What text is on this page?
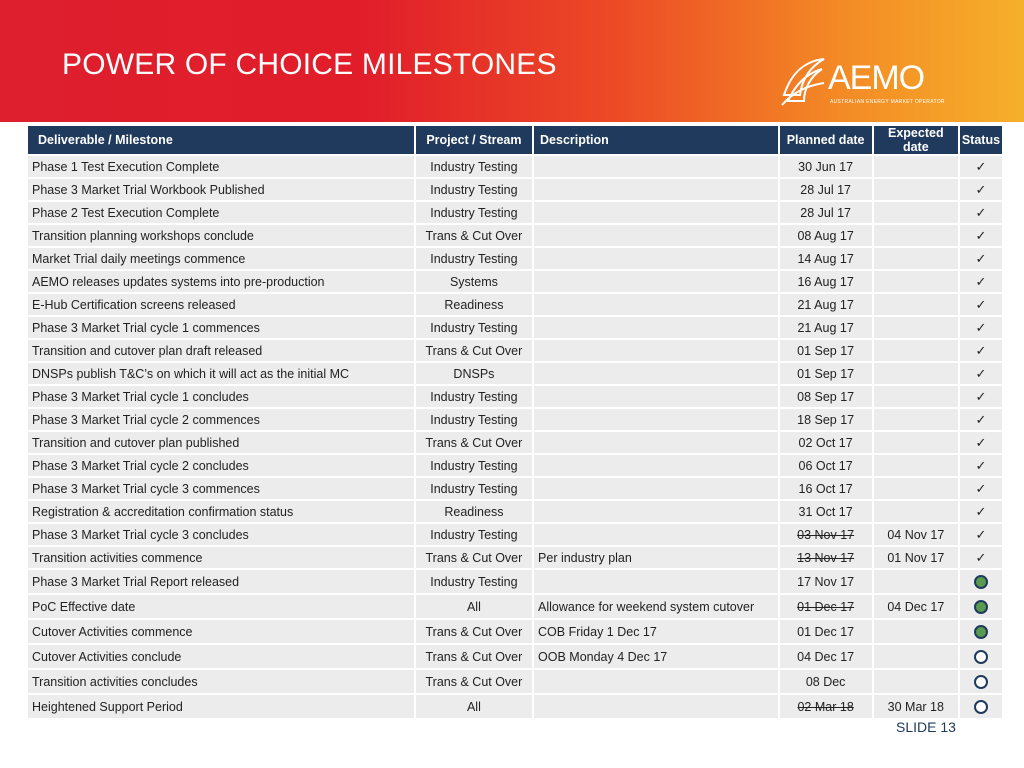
POWER OF CHOICE MILESTONES	AEMO
AUSTRALIAN ENERGY MARKET OPERATOR
Deliverable / Milestone	Project / Stream	Description	Planned date	Expected date	Status
Phase 1 Test Execution Complete	Industry Testing		30 Jun 17		✓
Phase 3 Market Trial Workbook Published	Industry Testing		28 Jul 17		✓
Phase 2 Test Execution Complete	Industry Testing		28 Jul 17		✓
Transition planning workshops conclude	Trans & Cut Over		08 Aug 17		✓
Market Trial daily meetings commence	Industry Testing		14 Aug 17		✓
AEMO releases updates systems into pre-production	Systems		16 Aug 17		✓
E-Hub Certification screens released	Readiness		21 Aug 17		✓
Phase 3 Market Trial cycle 1 commences	Industry Testing		21 Aug 17		✓
Transition and cutover plan draft released	Trans & Cut Over		01 Sep 17		✓
DNSPs publish T&C’s on which it will act as the initial MC	DNSPs		01 Sep 17		✓
Phase 3 Market Trial cycle 1 concludes	Industry Testing		08 Sep 17		✓
Phase 3 Market Trial cycle 2 commences	Industry Testing		18 Sep 17		✓
Transition and cutover plan published	Trans & Cut Over		02 Oct 17		✓
Phase 3 Market Trial cycle 2 concludes	Industry Testing		06 Oct 17		✓
Phase 3 Market Trial cycle 3 commences	Industry Testing		16 Oct 17		✓
Registration & accreditation confirmation status	Readiness		31 Oct 17		✓
Phase 3 Market Trial cycle 3 concludes	Industry Testing		03 Nov 17	04 Nov 17	✓
Transition activities commence	Trans & Cut Over	Per industry plan	13 Nov 17	01 Nov 17	✓
Phase 3 Market Trial Report released	Industry Testing		17 Nov 17		
PoC Effective date	All	Allowance for weekend system cutover	01 Dec 17	04 Dec 17	
Cutover Activities commence	Trans & Cut Over	COB Friday 1 Dec 17	01 Dec 17		
Cutover Activities conclude	Trans & Cut Over	OOB Monday 4 Dec 17	04 Dec 17		
Transition activities concludes	Trans & Cut Over		08 Dec		
Heightened Support Period	All		02 Mar 18	30 Mar 18	
SLIDE 13
